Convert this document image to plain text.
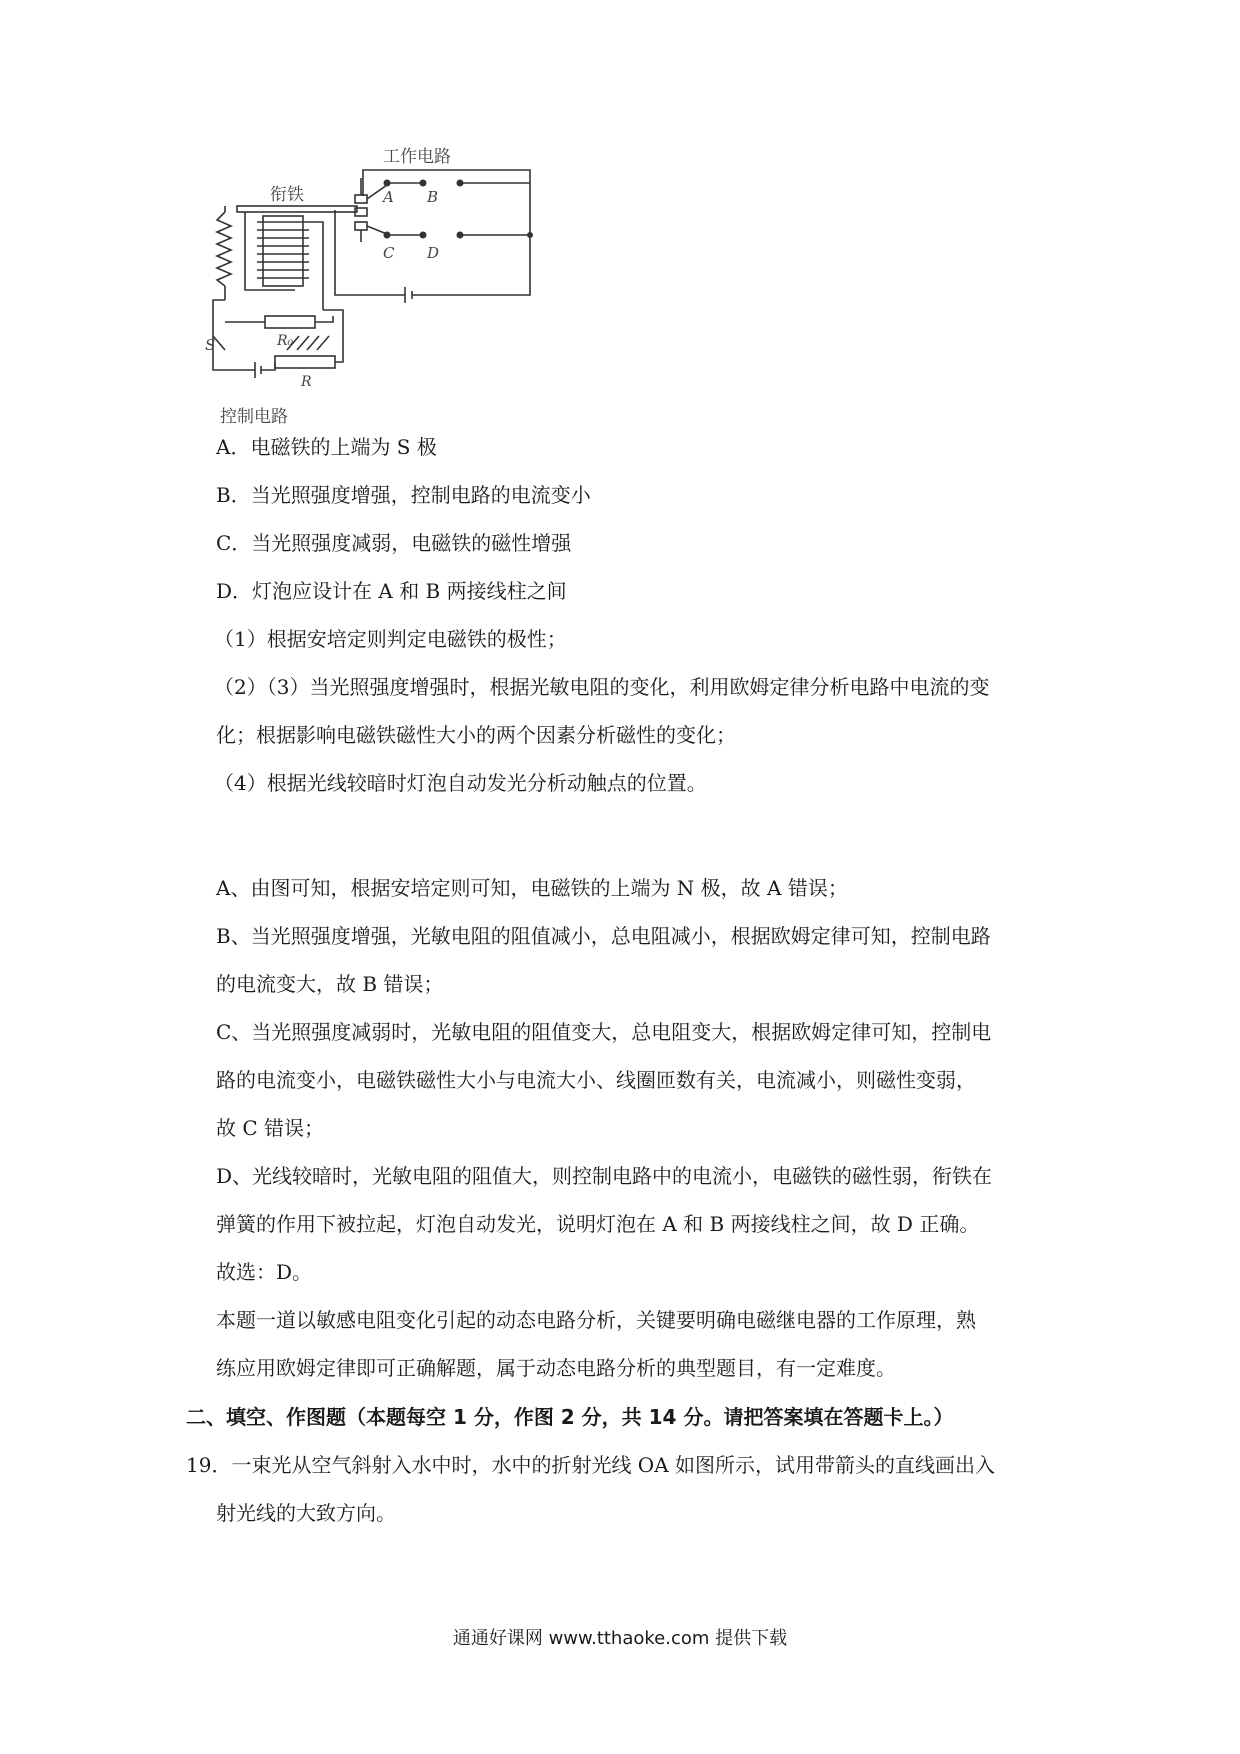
工作电路
衔铁	A B
C D
S	R₀
R
控制电路
A．电磁铁的上端为 S 极
B．当光照强度增强，控制电路的电流变小
C．当光照强度减弱，电磁铁的磁性增强
D．灯泡应设计在 A 和 B 两接线柱之间
（1）根据安培定则判定电磁铁的极性；
（2）（3）当光照强度增强时，根据光敏电阻的变化，利用欧姆定律分析电路中电流的变
化；根据影响电磁铁磁性大小的两个因素分析磁性的变化；
（4）根据光线较暗时灯泡自动发光分析动触点的位置。
A、由图可知，根据安培定则可知，电磁铁的上端为 N 极，故 A 错误；
B、当光照强度增强，光敏电阻的阻值减小，总电阻减小，根据欧姆定律可知，控制电路
的电流变大，故 B 错误；
C、当光照强度减弱时，光敏电阻的阻值变大，总电阻变大，根据欧姆定律可知，控制电
路的电流变小，电磁铁磁性大小与电流大小、线圈匝数有关，电流减小，则磁性变弱，
故 C 错误；
D、光线较暗时，光敏电阻的阻值大，则控制电路中的电流小，电磁铁的磁性弱，衔铁在
弹簧的作用下被拉起，灯泡自动发光，说明灯泡在 A 和 B 两接线柱之间，故 D 正确。
故选：D。
本题一道以敏感电阻变化引起的动态电路分析，关键要明确电磁继电器的工作原理，熟
练应用欧姆定律即可正确解题，属于动态电路分析的典型题目，有一定难度。
二、填空、作图题（本题每空 1 分，作图 2 分，共 14 分。请把答案填在答题卡上。）
19．一束光从空气斜射入水中时，水中的折射光线 OA 如图所示，试用带箭头的直线画出入
射光线的大致方向。
通通好课网 www.tthaoke.com 提供下载
